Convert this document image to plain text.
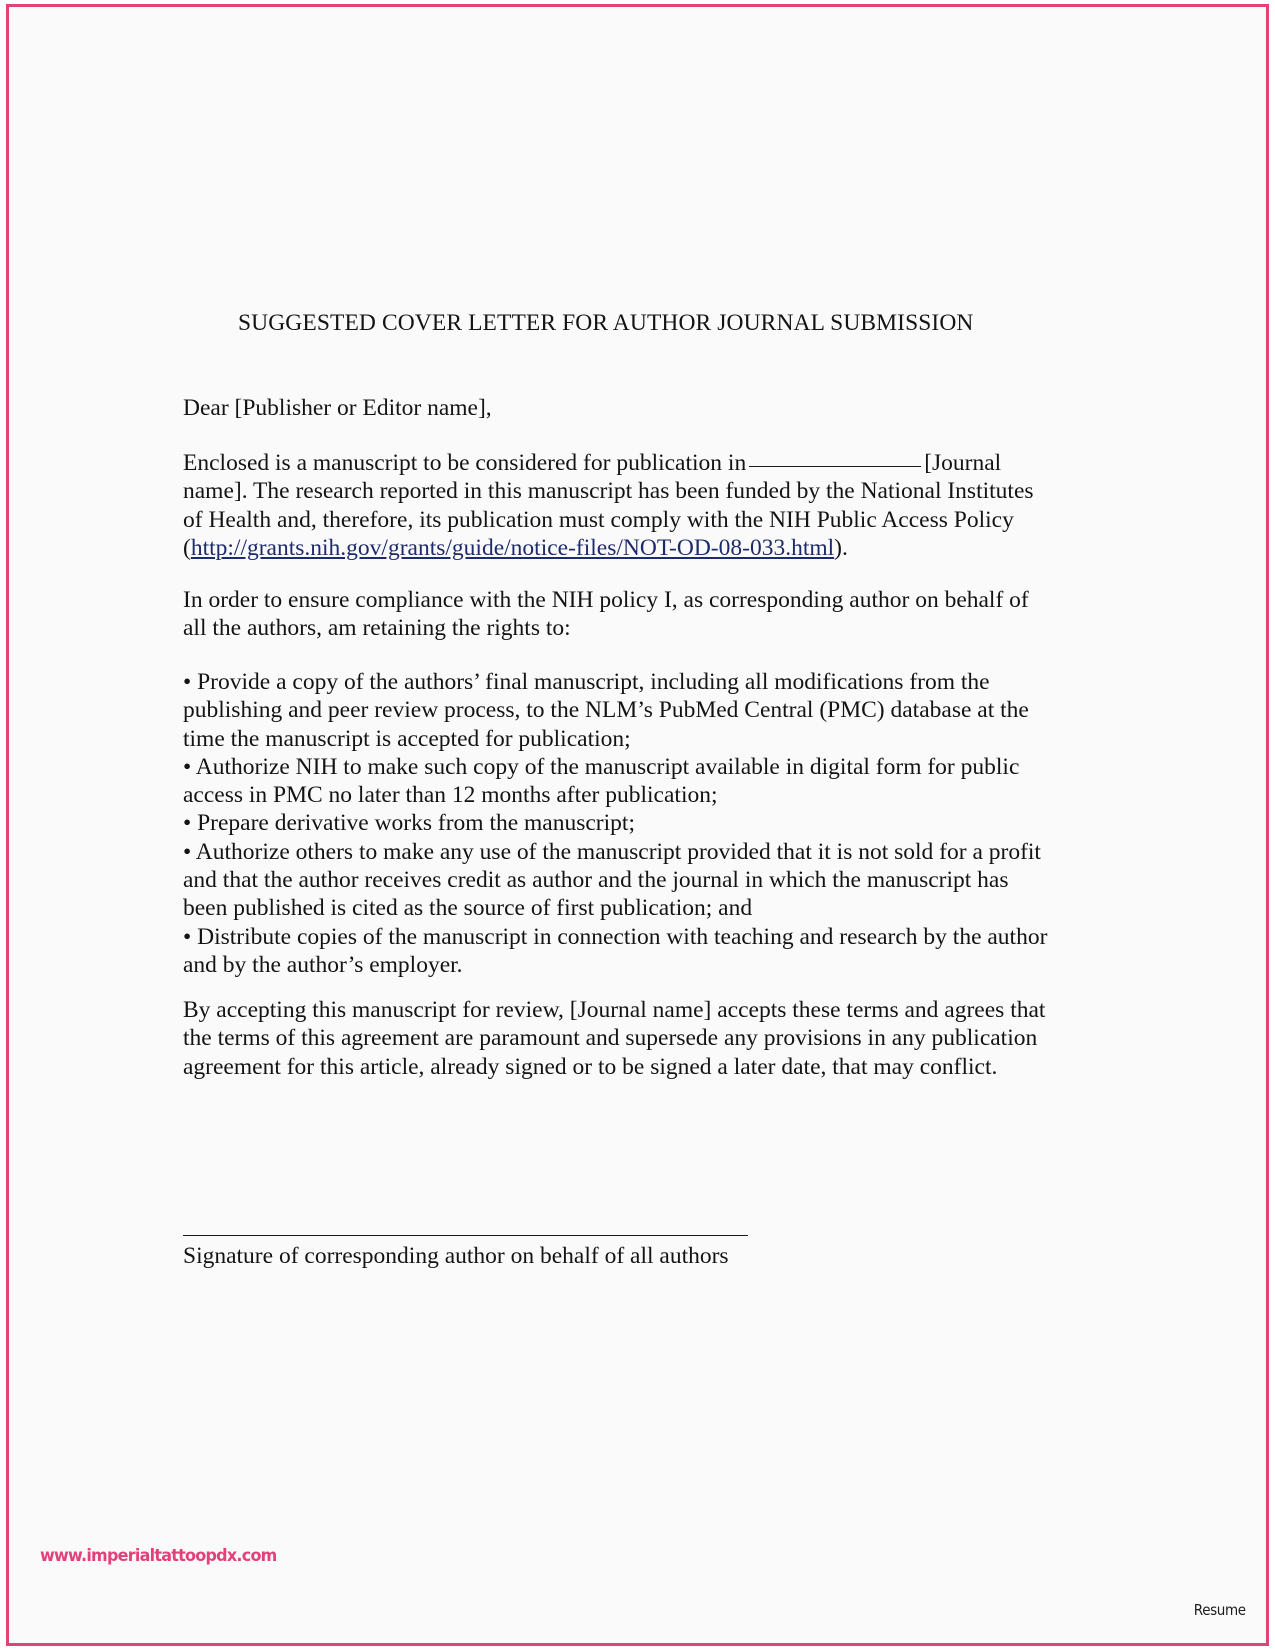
SUGGESTED COVER LETTER FOR AUTHOR JOURNAL SUBMISSION
Dear [Publisher or Editor name],
Enclosed is a manuscript to be considered for publication in	[Journal name]. The research reported in this manuscript has been funded by the National Institutes of Health and, therefore, its publication must comply with the NIH Public Access Policy (http://grants.nih.gov/grants/guide/notice-files/NOT-OD-08-033.html).
In order to ensure compliance with the NIH policy I, as corresponding author on behalf of all the authors, am retaining the rights to:
• Provide a copy of the authors’ final manuscript, including all modifications from the publishing and peer review process, to the NLM’s PubMed Central (PMC) database at the time the manuscript is accepted for publication;
• Authorize NIH to make such copy of the manuscript available in digital form for public access in PMC no later than 12 months after publication;
• Prepare derivative works from the manuscript;
• Authorize others to make any use of the manuscript provided that it is not sold for a profit and that the author receives credit as author and the journal in which the manuscript has been published is cited as the source of first publication; and
• Distribute copies of the manuscript in connection with teaching and research by the author and by the author’s employer.
By accepting this manuscript for review, [Journal name] accepts these terms and agrees that the terms of this agreement are paramount and supersede any provisions in any publication agreement for this article, already signed or to be signed a later date, that may conflict.
Signature of corresponding author on behalf of all authors
www.imperialtattoopdx.com
Resume
